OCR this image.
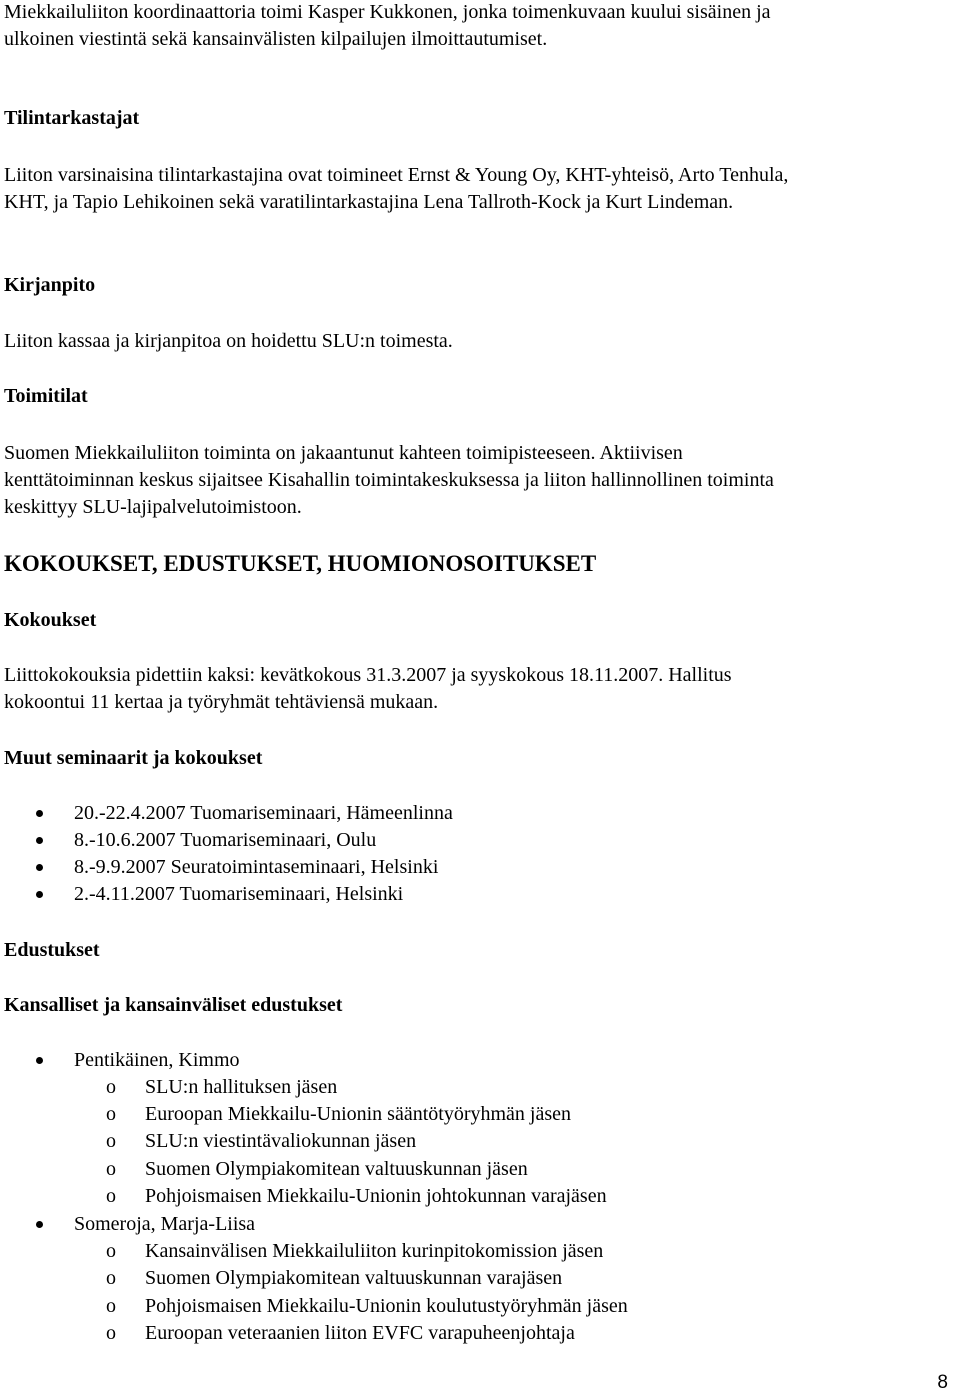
Miekkailuliiton koordinaattoria toimi Kasper Kukkonen, jonka toimenkuvaan kuului sisäinen ja
ulkoinen viestintä sekä kansainvälisten kilpailujen ilmoittautumiset.
Tilintarkastajat
Liiton varsinaisina tilintarkastajina ovat toimineet Ernst & Young Oy, KHT-yhteisö, Arto Tenhula,
KHT, ja Tapio Lehikoinen sekä varatilintarkastajina Lena Tallroth-Kock ja Kurt Lindeman.
Kirjanpito
Liiton kassaa ja kirjanpitoa on hoidettu SLU:n toimesta.
Toimitilat
Suomen Miekkailuliiton toiminta on jakaantunut kahteen toimipisteeseen. Aktiivisen
kenttätoiminnan keskus sijaitsee Kisahallin toimintakeskuksessa ja liiton hallinnollinen toiminta
keskittyy SLU-lajipalvelutoimistoon.
KOKOUKSET, EDUSTUKSET, HUOMIONOSOITUKSET
Kokoukset
Liittokokouksia pidettiin kaksi: kevätkokous 31.3.2007 ja syyskokous 18.11.2007. Hallitus
kokoontui 11 kertaa ja työryhmät tehtäviensä mukaan.
Muut seminaarit ja kokoukset
20.-22.4.2007 Tuomariseminaari, Hämeenlinna
8.-10.6.2007 Tuomariseminaari, Oulu
8.-9.9.2007 Seuratoimintaseminaari, Helsinki
2.-4.11.2007 Tuomariseminaari, Helsinki
Edustukset
Kansalliset ja kansainväliset edustukset
Pentikäinen, Kimmo
o SLU:n hallituksen jäsen
o Euroopan Miekkailu-Unionin sääntötyöryhmän jäsen
o SLU:n viestintävaliokunnan jäsen
o Suomen Olympiakomitean valtuuskunnan jäsen
o Pohjoismaisen Miekkailu-Unionin johtokunnan varajäsen
Someroja, Marja-Liisa
o Kansainvälisen Miekkailuliiton kurinpitokomission jäsen
o Suomen Olympiakomitean valtuuskunnan varajäsen
o Pohjoismaisen Miekkailu-Unionin koulutustyöryhmän jäsen
o Euroopan veteraanien liiton EVFC varapuheenjohtaja
8
